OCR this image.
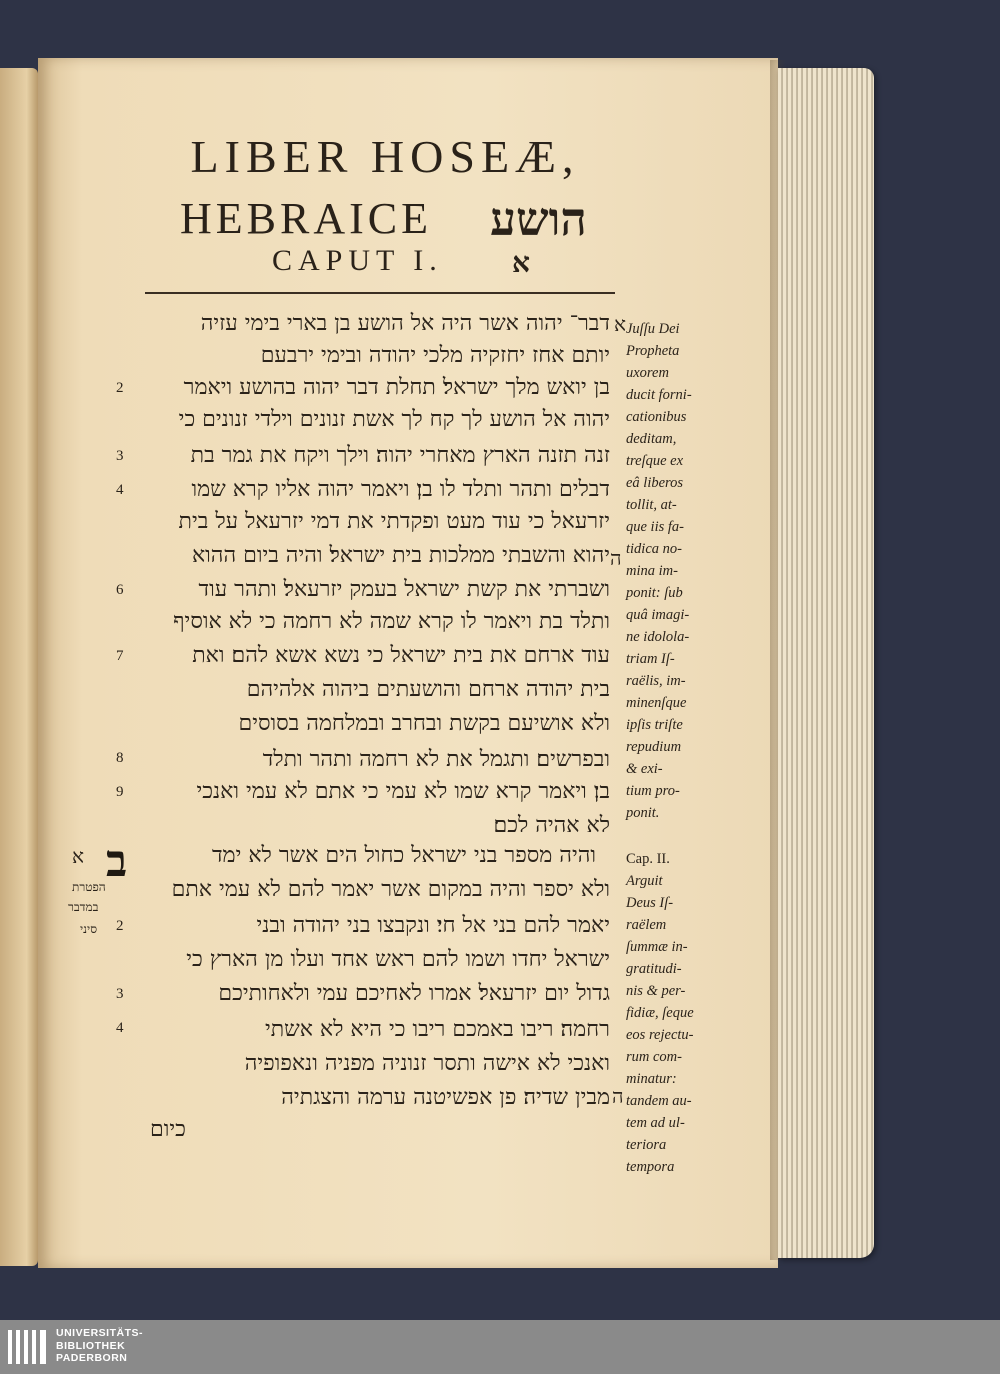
LIBER HOSEÆ,
HEBRAICE הושע
CAPUT I. א
דבר־ יהוה אשר היה אל הושע בן בארי בימי עזיה
יותם אחז יחזקיה מלכי יהודה ובימי ירבעם
בן יואש מלך ישראל׃ תחלת דבר יהוה בהושע ויאמר
יהוה אל הושע לך קח לך אשת זנונים וילדי זנונים כי
זנה תזנה הארץ מאחרי יהוה׃ וילך ויקח את גמר בת
דבלים ותהר ותלד לו בן׃ ויאמר יהוה אליו קרא שמו
יזרעאל כי עוד מעט ופקדתי את דמי יזרעאל על בית
יהוא והשבתי ממלכות בית ישראל׃ והיה ביום ההוא
ושברתי את קשת ישראל בעמק יזרעאל׃ ותהר עוד
ותלד בת ויאמר לו קרא שמה לא רחמה כי לא אוסיף
עוד ארחם את בית ישראל כי נשא אשא להם׃ ואת
בית יהודה ארחם והושעתים ביהוה אלהיהם
ולא אושיעם בקשת ובחרב ובמלחמה בסוסים
ובפרשים׃ ותגמל את לא רחמה ותהר ותלד
בן׃ ויאמר קרא שמו לא עמי כי אתם לא עמי ואנכי
לא אהיה לכם׃
א
2
3
4
ה
6
7
8
9
ב
א	והיה מספר בני ישראל כחול הים אשר לא ימד
ולא יספר והיה במקום אשר יאמר להם לא עמי אתם
יאמר להם בני אל חי׃ ונקבצו בני יהודה ובני
ישראל יחדו ושמו להם ראש אחד ועלו מן הארץ כי
גדול יום יזרעאל׃ אמרו לאחיכם עמי ולאחותיכם
רחמה׃ ריבו באמכם ריבו כי היא לא אשתי
ואנכי לא אישה ותסר זנוניה מפניה ונאפופיה
מבין שדיה׃ פן אפשיטנה ערמה והצגתיה
כיום
2
3
4
ה
הפטרת
במדבר
סיני
Juſſu Dei
Propheta
uxorem
ducit forni-
cationibus
deditam,
treſque ex
eâ liberos
tollit, at-
que iis fa-
tidica no-
mina im-
ponit: ſub
quâ imagi-
ne idolola-
triam Iſ-
raëlis, im-
minenſque
ipſis triſte
repudium
& exi-
tium pro-
ponit.
Cap. II.
Arguit
Deus Iſ-
raëlem
ſummæ in-
gratitudi-
nis & per-
fidiæ, ſeque
eos rejectu-
rum com-
minatur:
tandem au-
tem ad ul-
teriora
tempora
UNIVERSITÄTS-
BIBLIOTHEK
PADERBORN
